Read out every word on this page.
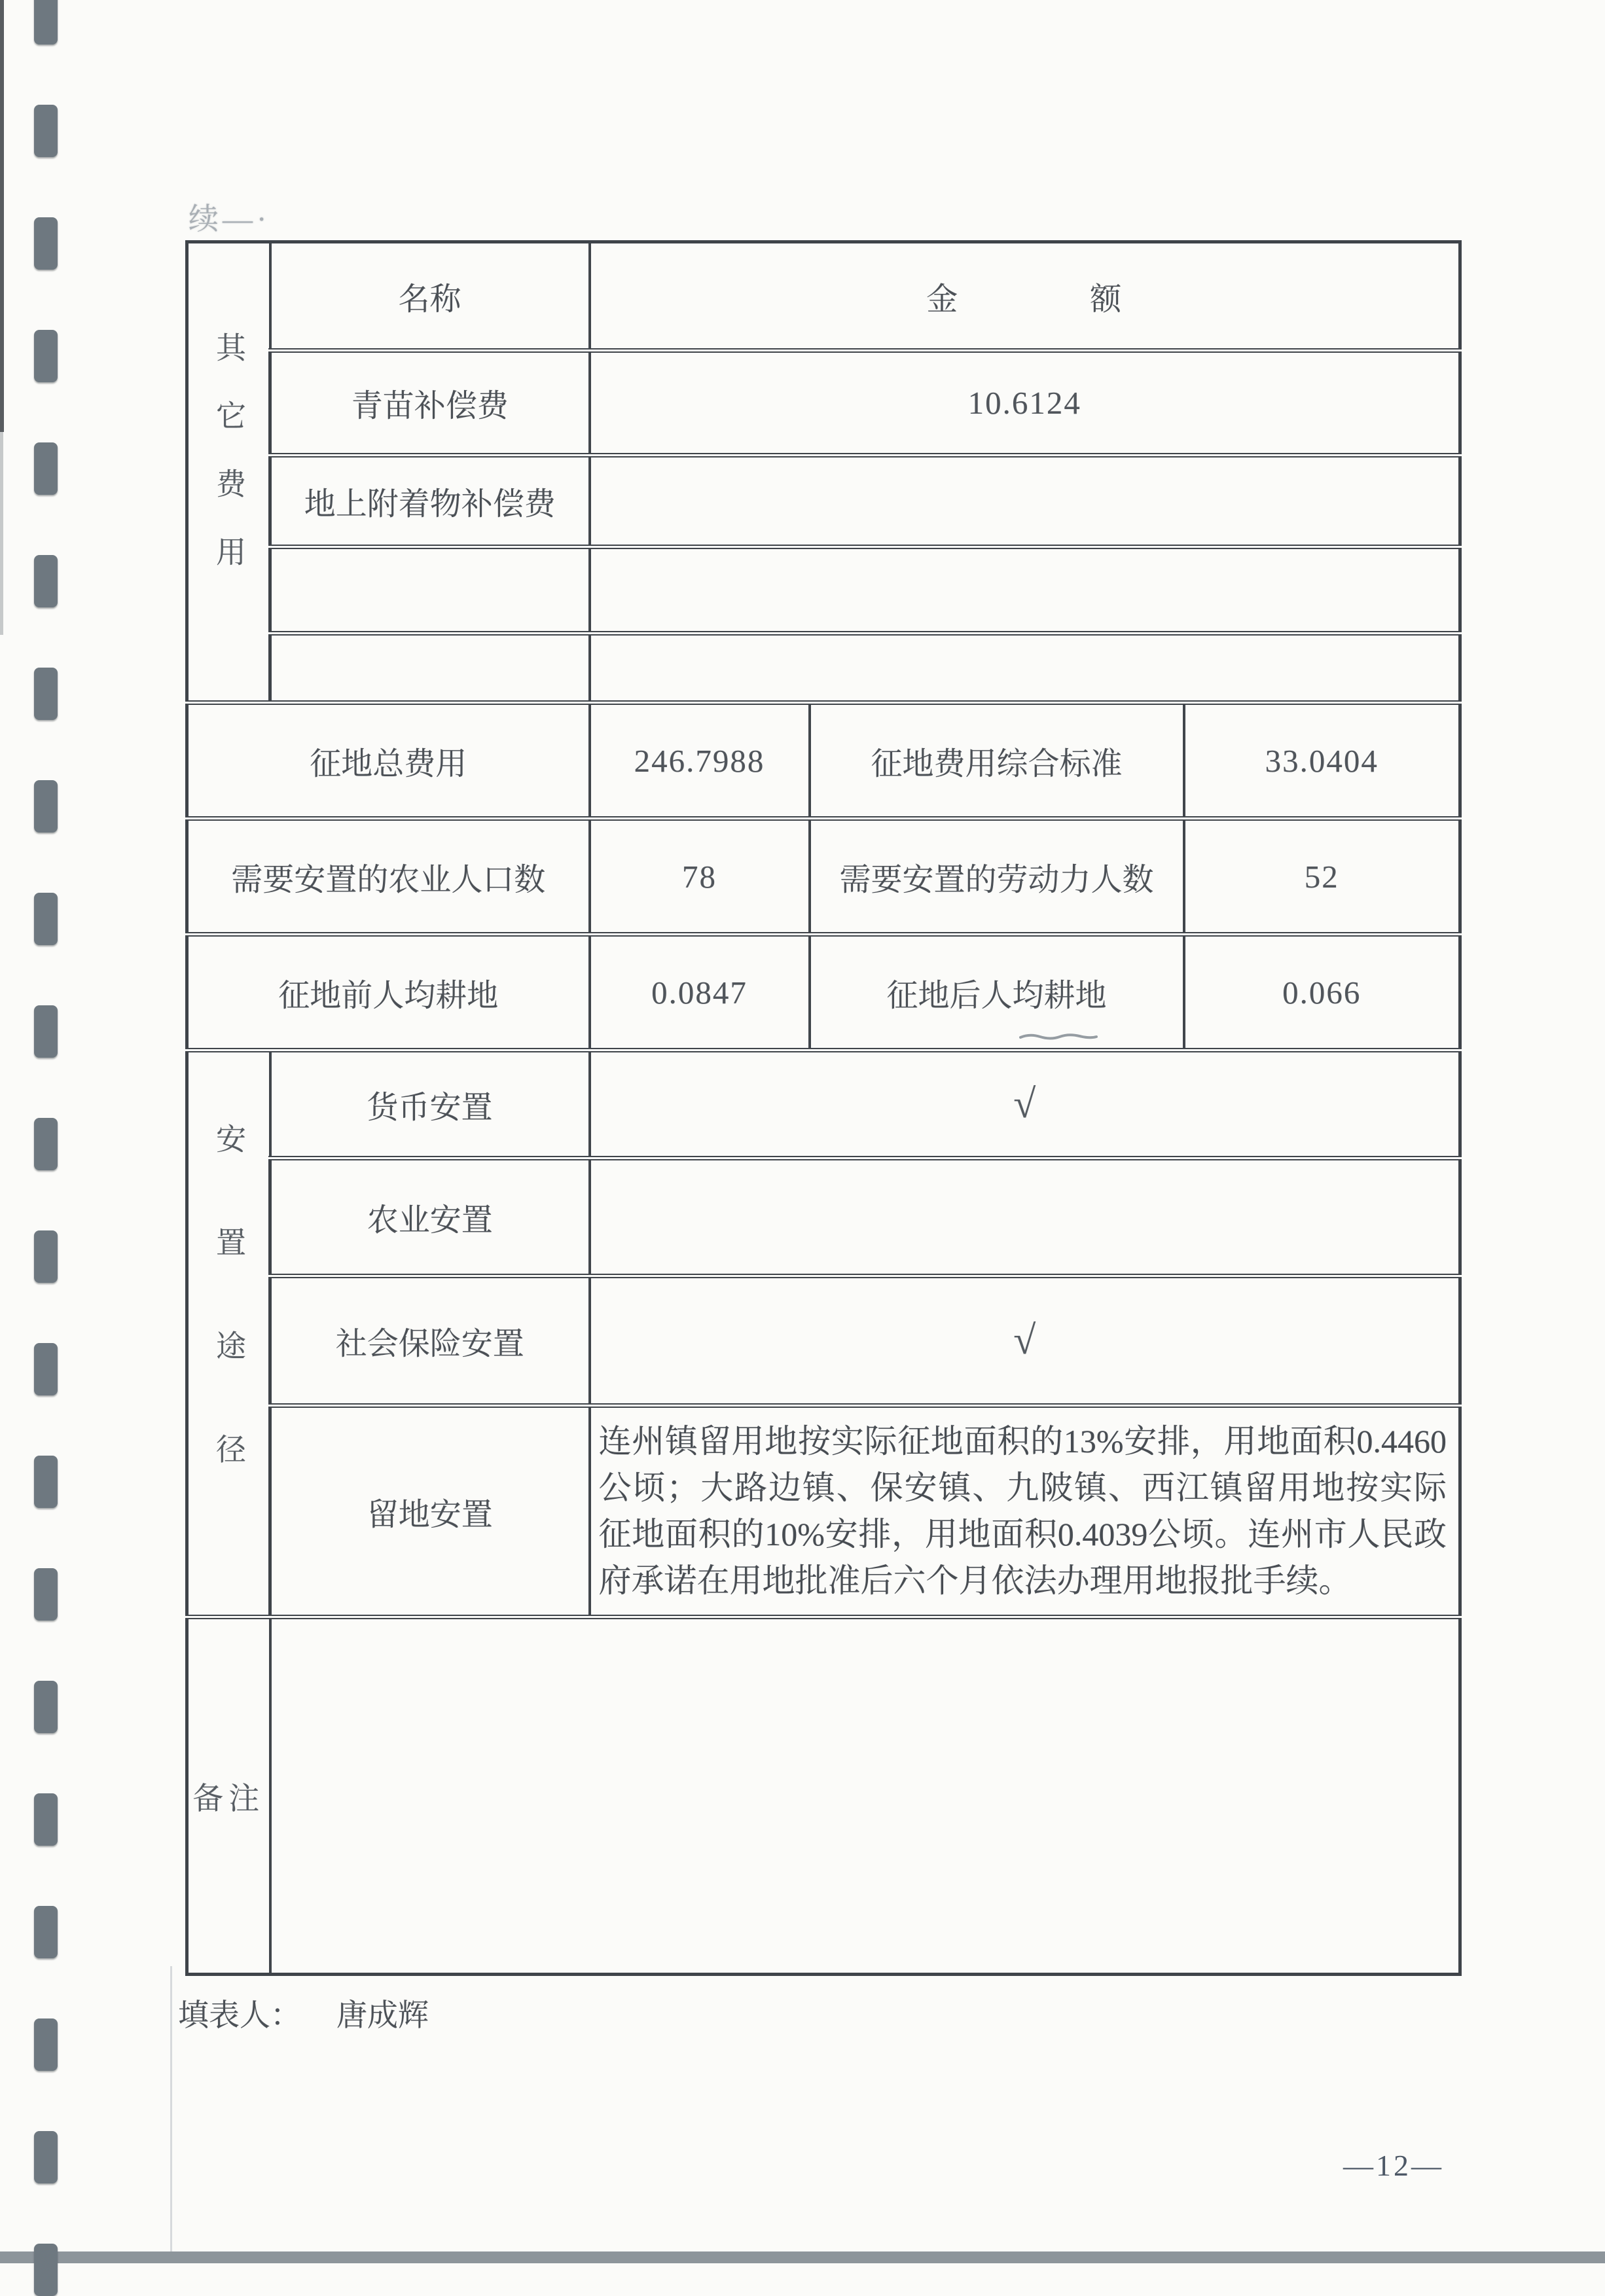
续—·
其它费用	名称	金　　　　额		
	青苗补偿费	10.6124		
	地上附着物补偿费			

征地总费用		246.7988	征地费用综合标准	33.0404
需要安置的农业人口数		78	需要安置的劳动力人数	52
征地前人均耕地		0.0847	征地后人均耕地	0.066
安置途径	货币安置	√		
	农业安置			
	社会保险安置	√		
	留地安置	连州镇留用地按实际征地面积的13%安排，用地面积0.4460公顷；大路边镇、保安镇、九陂镇、西江镇留用地按实际征地面积的10%安排，用地面积0.4039公顷。连州市人民政府承诺在用地批准后六个月依法办理用地报批手续。		
备注				
填表人： 唐成辉
—12—
